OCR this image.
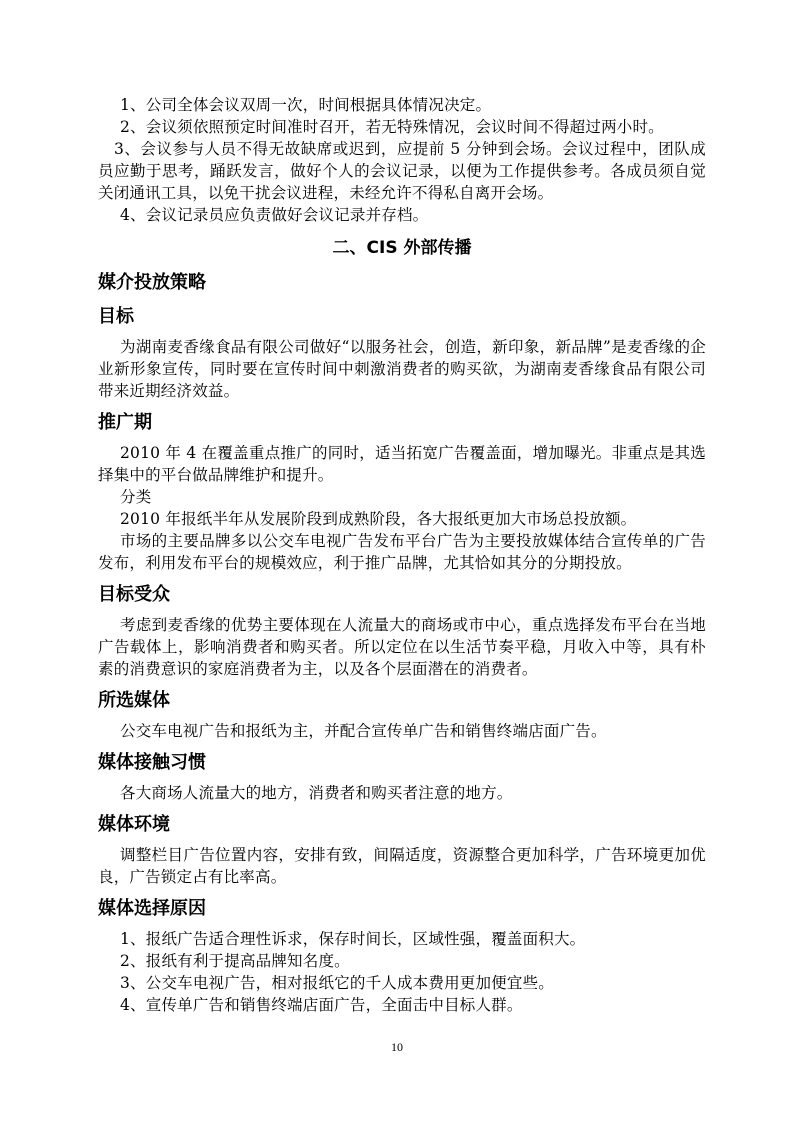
1、公司全体会议双周一次，时间根据具体情况决定。

2、会议须依照预定时间准时召开，若无特殊情况，会议时间不得超过两小时。

3、会议参与人员不得无故缺席或迟到，应提前 5 分钟到会场。会议过程中，团队成员应勤于思考，踊跃发言，做好个人的会议记录，以便为工作提供参考。各成员须自觉关闭通讯工具，以免干扰会议进程，未经允许不得私自离开会场。

4、会议记录员应负责做好会议记录并存档。

二、CIS 外部传播
媒介投放策略
目标

为湖南麦香缘食品有限公司做好“以服务社会，创造，新印象，新品牌”是麦香缘的企业新形象宣传，同时要在宣传时间中刺激消费者的购买欲，为湖南麦香缘食品有限公司带来近期经济效益。

推广期

2010 年 4 在覆盖重点推广的同时，适当拓宽广告覆盖面，增加曝光。非重点是其选择集中的平台做品牌维护和提升。

分类

2010 年报纸半年从发展阶段到成熟阶段，各大报纸更加大市场总投放额。

市场的主要品牌多以公交车电视广告发布平台广告为主要投放媒体结合宣传单的广告发布，利用发布平台的规模效应，利于推广品牌，尤其恰如其分的分期投放。

目标受众

考虑到麦香缘的优势主要体现在人流量大的商场或市中心，重点选择发布平台在当地广告载体上，影响消费者和购买者。所以定位在以生活节奏平稳，月收入中等，具有朴素的消费意识的家庭消费者为主，以及各个层面潜在的消费者。

所选媒体

公交车电视广告和报纸为主，并配合宣传单广告和销售终端店面广告。

媒体接触习惯

各大商场人流量大的地方，消费者和购买者注意的地方。

媒体环境

调整栏目广告位置内容，安排有致，间隔适度，资源整合更加科学，广告环境更加优良，广告锁定占有比率高。

媒体选择原因

1、报纸广告适合理性诉求，保存时间长，区域性强，覆盖面积大。

2、报纸有利于提高品牌知名度。

3、公交车电视广告，相对报纸它的千人成本费用更加便宜些。

4、宣传单广告和销售终端店面广告，全面击中目标人群。

10
